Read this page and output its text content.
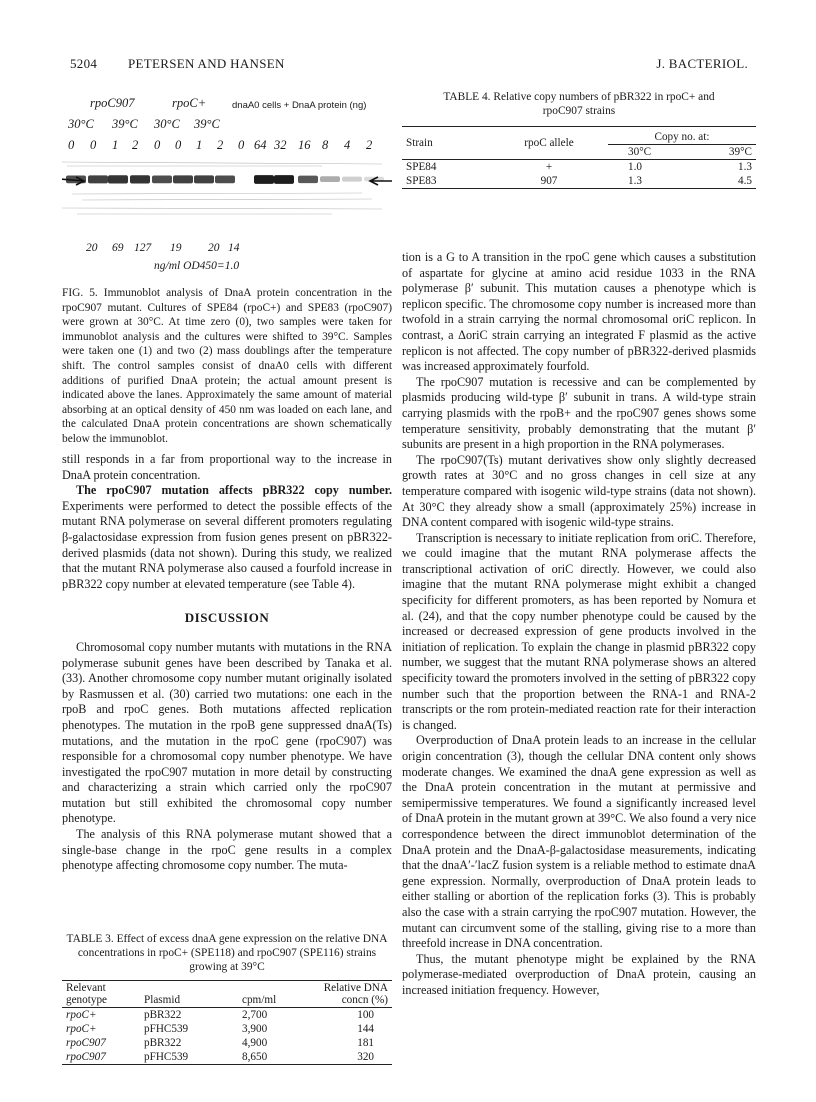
5204 PETERSEN AND HANSEN	J. BACTERIOL.
rpoC907	rpoC+	dnaA0 cells + DnaA protein (ng)
30°C 39°C 30°C 39°C
0 0 1 2 0 0 1 2 0 64 32 16 8 4 2
20 69 127 19 20 14
ng/ml OD450=1.0

FIG. 5. Immunoblot analysis of DnaA protein concentration in the rpoC907 mutant. Cultures of SPE84 (rpoC+) and SPE83 (rpoC907) were grown at 30°C. At time zero (0), two samples were taken for immunoblot analysis and the cultures were shifted to 39°C. Samples were taken one (1) and two (2) mass doublings after the temperature shift. The control samples consist of dnaA0 cells with different additions of purified DnaA protein; the actual amount present is indicated above the lanes. Approximately the same amount of material absorbing at an optical density of 450 nm was loaded on each lane, and the calculated DnaA protein concentrations are shown schematically below the immunoblot.

still responds in a far from proportional way to the increase in DnaA protein concentration.

The rpoC907 mutation affects pBR322 copy number. Experiments were performed to detect the possible effects of the mutant RNA polymerase on several different promoters regulating β-galactosidase expression from fusion genes present on pBR322-derived plasmids (data not shown). During this study, we realized that the mutant RNA polymerase also caused a fourfold increase in pBR322 copy number at elevated temperature (see Table 4).

DISCUSSION

Chromosomal copy number mutants with mutations in the RNA polymerase subunit genes have been described by Tanaka et al. (33). Another chromosome copy number mutant originally isolated by Rasmussen et al. (30) carried two mutations: one each in the rpoB and rpoC genes. Both mutations affected replication phenotypes. The mutation in the rpoB gene suppressed dnaA(Ts) mutations, and the mutation in the rpoC gene (rpoC907) was responsible for a chromosomal copy number phenotype. We have investigated the rpoC907 mutation in more detail by constructing and characterizing a strain which carried only the rpoC907 mutation but still exhibited the chromosomal copy number phenotype.

The analysis of this RNA polymerase mutant showed that a single-base change in the rpoC gene results in a complex phenotype affecting chromosome copy number. The muta-

TABLE 3. Effect of excess dnaA gene expression on the relative DNA concentrations in rpoC+ (SPE118) and rpoC907 (SPE116) strains growing at 39°C
Relevant genotype	Plasmid	cpm/ml	Relative DNA concn (%)
rpoC+	pBR322	2,700	100
rpoC+	pFHC539	3,900	144
rpoC907	pBR322	4,900	181
rpoC907	pFHC539	8,650	320
TABLE 4. Relative copy numbers of pBR322 in rpoC+ and rpoC907 strains
Strain	rpoC allele	Copy no. at:	
		30°C	39°C
SPE84	+	1.0	1.3
SPE83	907	1.3	4.5

tion is a G to A transition in the rpoC gene which causes a substitution of aspartate for glycine at amino acid residue 1033 in the RNA polymerase β′ subunit. This mutation causes a phenotype which is replicon specific. The chromosome copy number is increased more than twofold in a strain carrying the normal chromosomal oriC replicon. In contrast, a ΔoriC strain carrying an integrated F plasmid as the active replicon is not affected. The copy number of pBR322-derived plasmids was increased approximately fourfold.

The rpoC907 mutation is recessive and can be complemented by plasmids producing wild-type β′ subunit in trans. A wild-type strain carrying plasmids with the rpoB+ and the rpoC907 genes shows some temperature sensitivity, probably demonstrating that the mutant β′ subunits are present in a high proportion in the RNA polymerases.

The rpoC907(Ts) mutant derivatives show only slightly decreased growth rates at 30°C and no gross changes in cell size at any temperature compared with isogenic wild-type strains (data not shown). At 30°C they already show a small (approximately 25%) increase in DNA content compared with isogenic wild-type strains.

Transcription is necessary to initiate replication from oriC. Therefore, we could imagine that the mutant RNA polymerase affects the transcriptional activation of oriC directly. However, we could also imagine that the mutant RNA polymerase might exhibit a changed specificity for different promoters, as has been reported by Nomura et al. (24), and that the copy number phenotype could be caused by the increased or decreased expression of gene products involved in the initiation of replication. To explain the change in plasmid pBR322 copy number, we suggest that the mutant RNA polymerase shows an altered specificity toward the promoters involved in the setting of pBR322 copy number such that the proportion between the RNA-1 and RNA-2 transcripts or the rom protein-mediated reaction rate for their interaction is changed.

Overproduction of DnaA protein leads to an increase in the cellular origin concentration (3), though the cellular DNA content only shows moderate changes. We examined the dnaA gene expression as well as the DnaA protein concentration in the mutant at permissive and semipermissive temperatures. We found a significantly increased level of DnaA protein in the mutant grown at 39°C. We also found a very nice correspondence between the direct immunoblot determination of the DnaA protein and the DnaA-β-galactosidase measurements, indicating that the dnaA′-′lacZ fusion system is a reliable method to estimate dnaA gene expression. Normally, overproduction of DnaA protein leads to either stalling or abortion of the replication forks (3). This is probably also the case with a strain carrying the rpoC907 mutation. However, the mutant can circumvent some of the stalling, giving rise to a more than threefold increase in DNA concentration.

Thus, the mutant phenotype might be explained by the RNA polymerase-mediated overproduction of DnaA protein, causing an increased initiation frequency. However,
